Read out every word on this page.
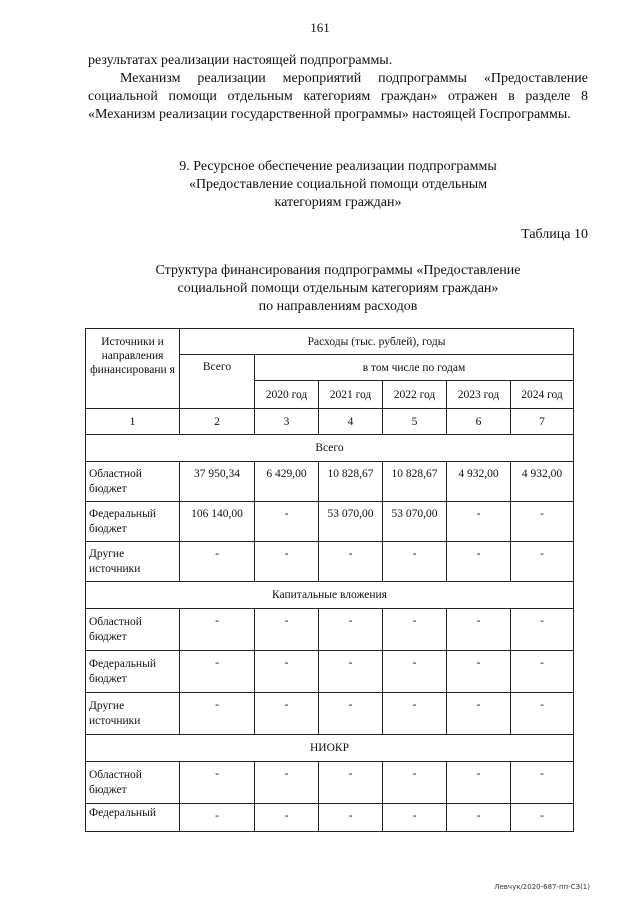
161
результатах реализации настоящей подпрограммы.
Механизм реализации мероприятий подпрограммы «Предоставление социальной помощи отдельным категориям граждан» отражен в разделе 8 «Механизм реализации государственной программы» настоящей Госпрограммы.
9. Ресурсное обеспечение реализации подпрограммы
«Предоставление социальной помощи отдельным
категориям граждан»
Таблица 10
Структура финансирования подпрограммы «Предоставление
социальной помощи отдельным категориям граждан»
по направлениям расходов
Источники и направления финансировани я	Расходы (тыс. рублей), годы					
	Всего	в том числе по годам				
		2020 год	2021 год	2022 год	2023 год	2024 год
1	2	3	4	5	6	7
Всего						
Областной бюджет	37 950,34	6 429,00	10 828,67	10 828,67	4 932,00	4 932,00
Федеральный бюджет	106 140,00	-	53 070,00	53 070,00	-	-
Другие источники	-	-	-	-	-	-
Капитальные вложения						
Областной бюджет	-	-	-	-	-	-
Федеральный бюджет	-	-	-	-	-	-
Другие источники	-	-	-	-	-	-
НИОКР						
Областной бюджет	-	-	-	-	-	-
Федеральный	-	-	-	-	-	-
Левчук/2020-687-пп-СЗ(1)
